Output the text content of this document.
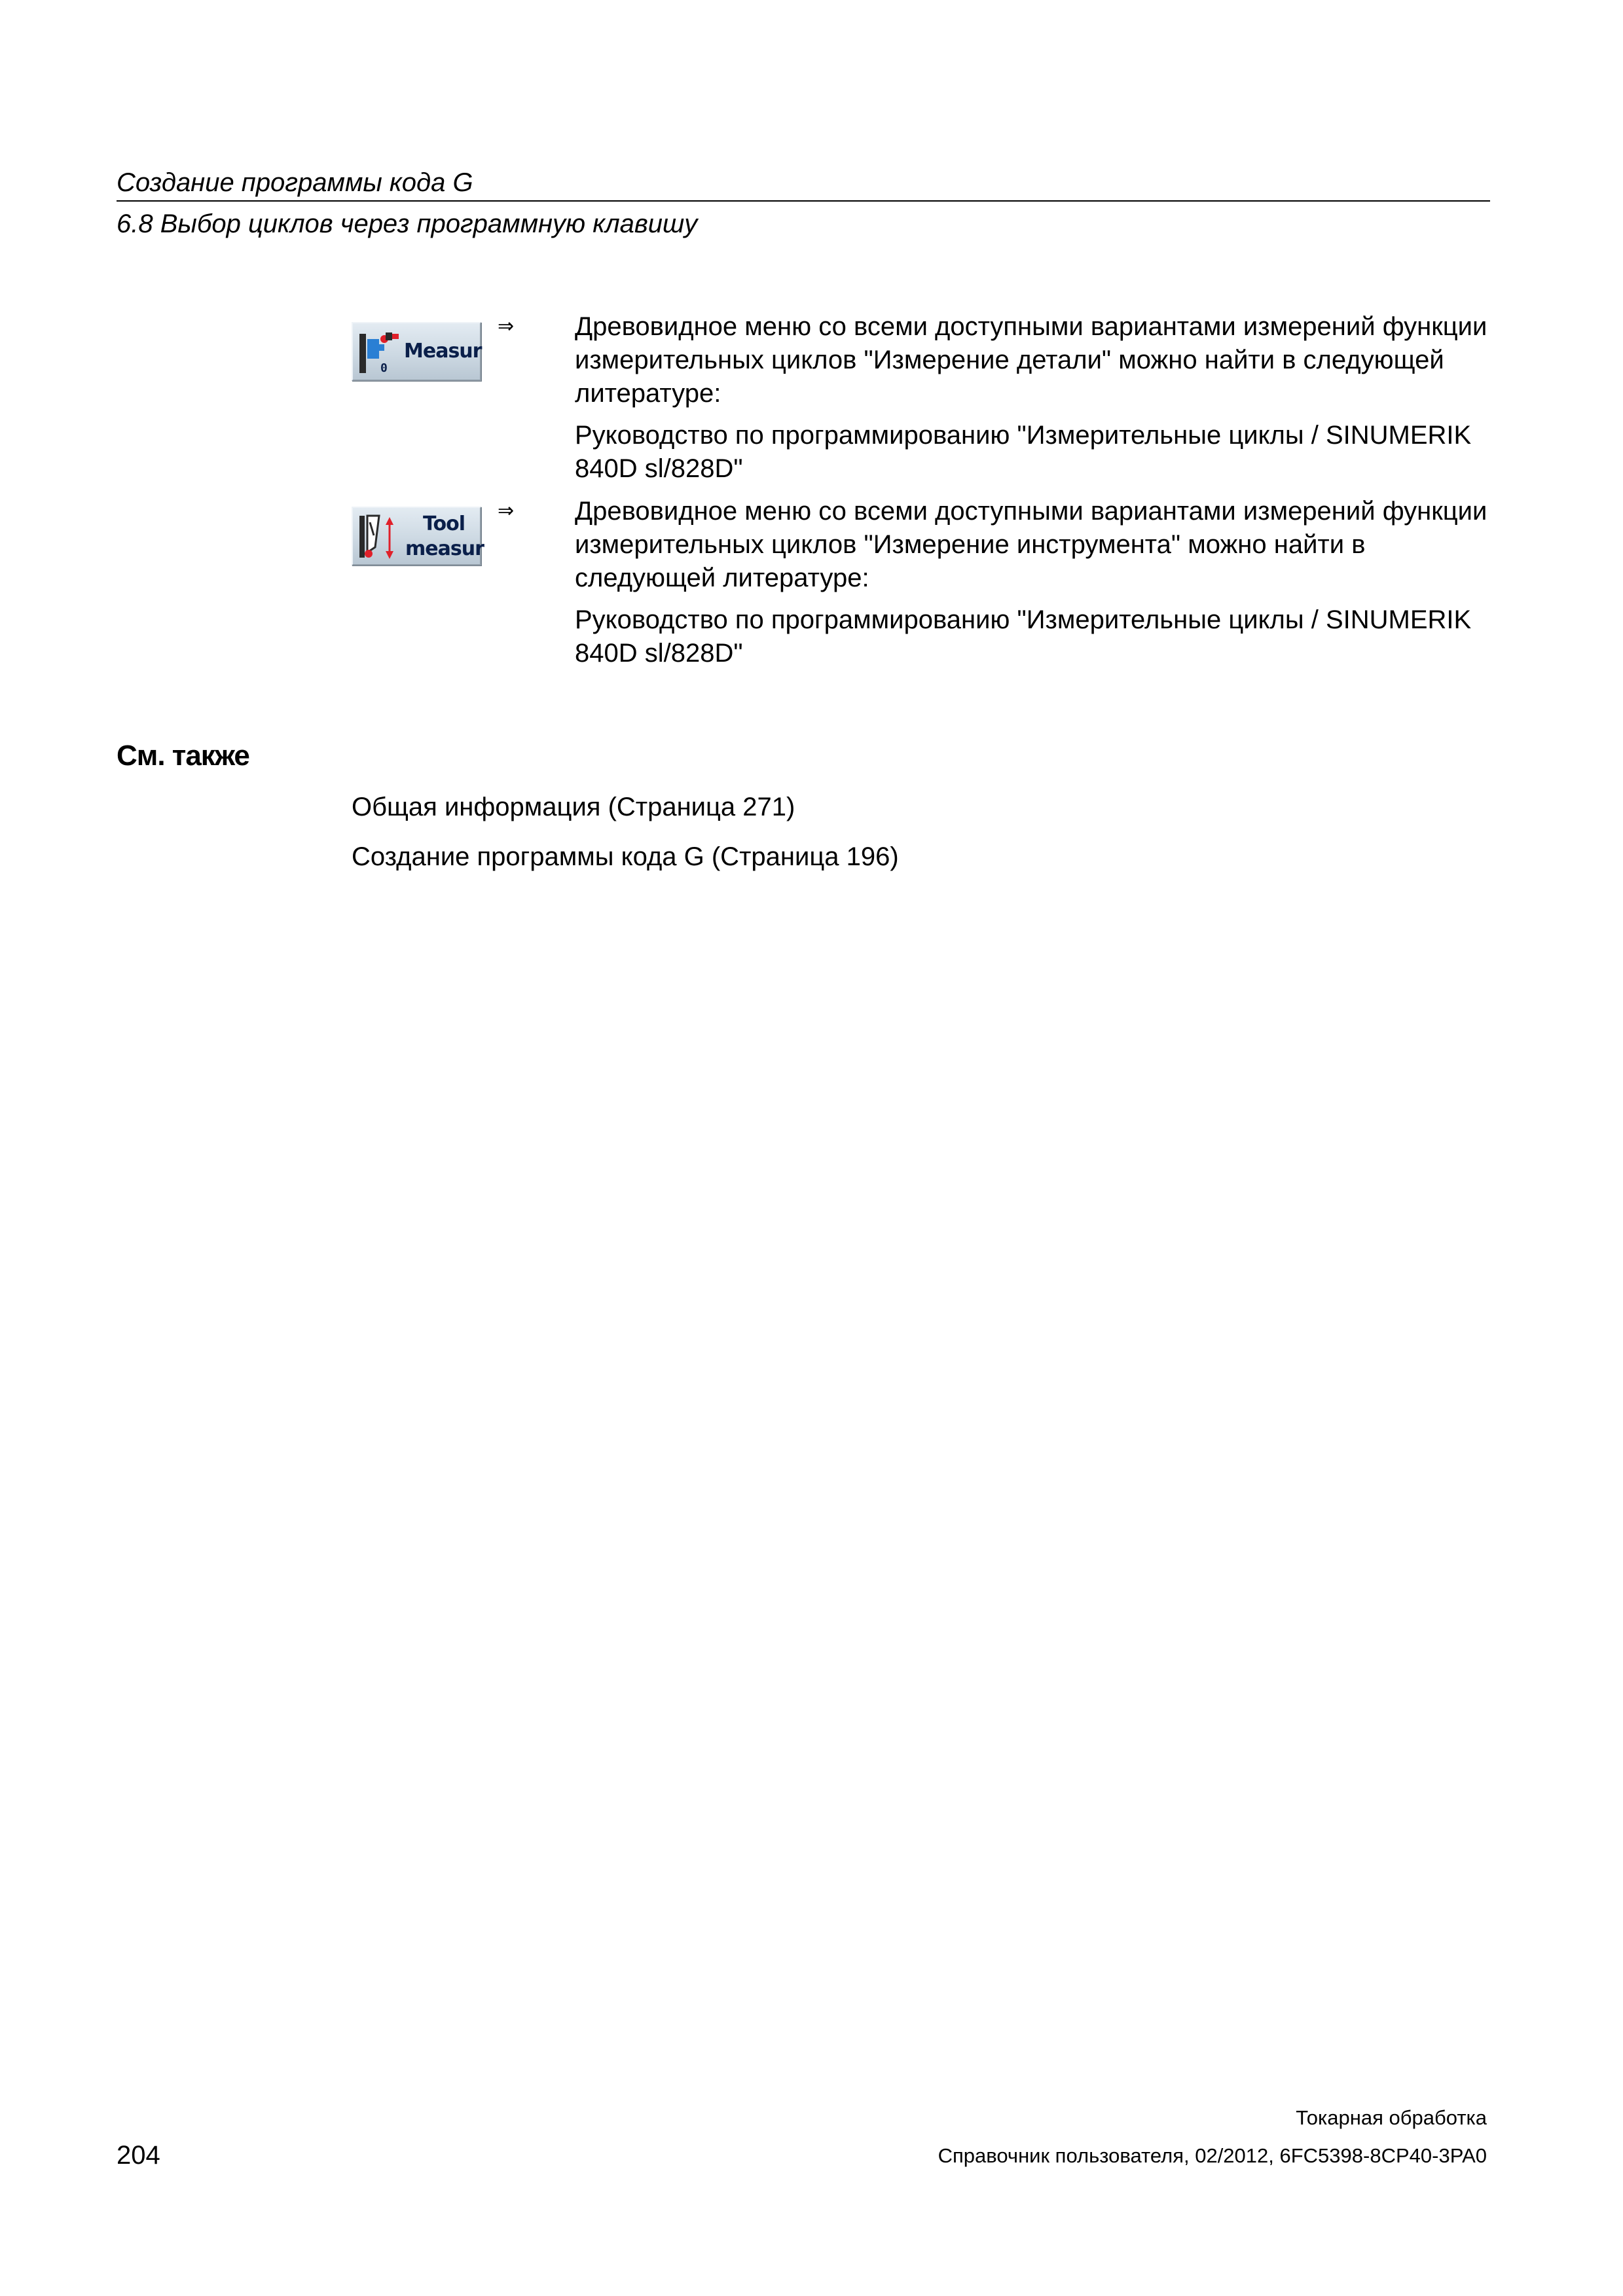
Создание программы кода G
6.8 Выбор циклов через программную клавишу
0
Measur
⇒ Древовидное меню со всеми доступными вариантами измерений функции измерительных циклов "Измерение детали" можно найти в следующей литературе:
Руководство по программированию "Измерительные циклы / SINUMERIK 840D sl/828D"
Tool
measur
⇒ Древовидное меню со всеми доступными вариантами измерений функции измерительных циклов "Измерение инструмента" можно найти в следующей литературе:
Руководство по программированию "Измерительные циклы / SINUMERIK 840D sl/828D"
См. также
Общая информация (Страница 271)
Создание программы кода G (Страница 196)
Токарная обработка
204	Справочник пользователя, 02/2012, 6FC5398-8CP40-3PA0
